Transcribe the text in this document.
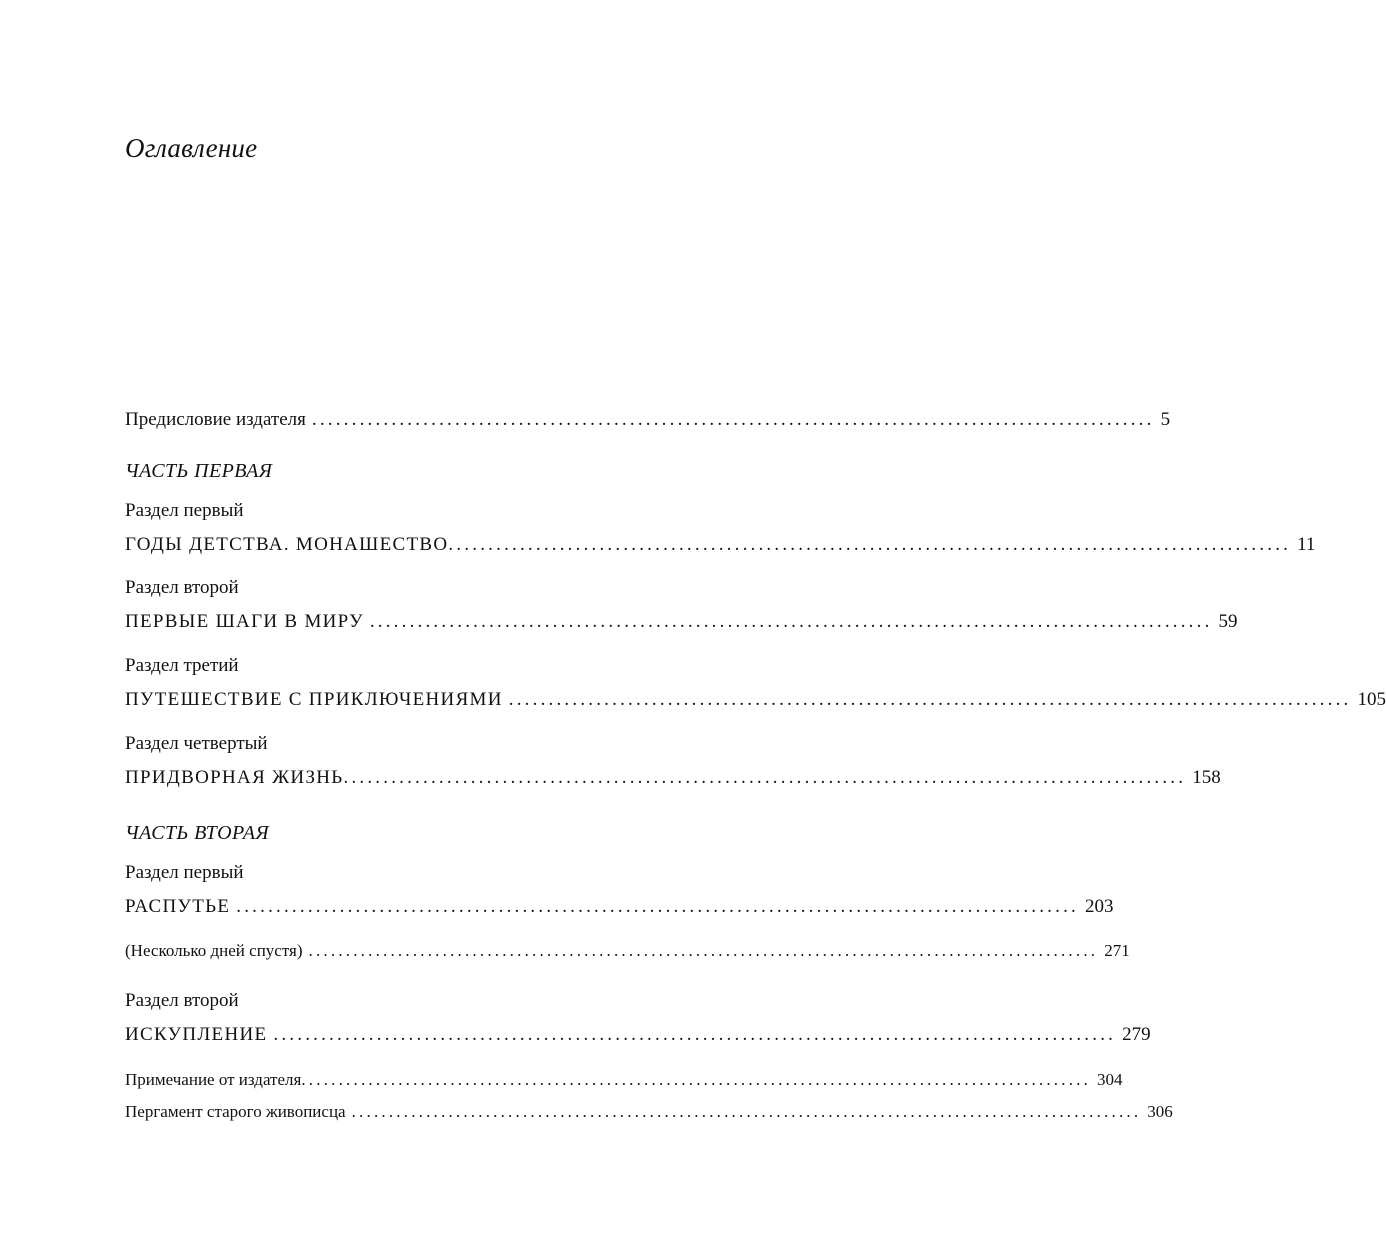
Оглавление
Предисловие издателя .......................................................................................................... 5
ЧАСТЬ ПЕРВАЯ
Раздел первый
ГОДЫ ДЕТСТВА. МОНАШЕСТВО .......................................................................................................... 11
Раздел второй
ПЕРВЫЕ ШАГИ В МИРУ .......................................................................................................... 59
Раздел третий
ПУТЕШЕСТВИЕ С ПРИКЛЮЧЕНИЯМИ .......................................................................................................... 105
Раздел четвертый
ПРИДВОРНАЯ ЖИЗНЬ .......................................................................................................... 158
ЧАСТЬ ВТОРАЯ
Раздел первый
РАСПУТЬЕ .......................................................................................................... 203
(Несколько дней спустя) .......................................................................................................... 271
Раздел второй
ИСКУПЛЕНИЕ .......................................................................................................... 279
Примечание от издателя .......................................................................................................... 304
Пергамент старого живописца .......................................................................................................... 306
